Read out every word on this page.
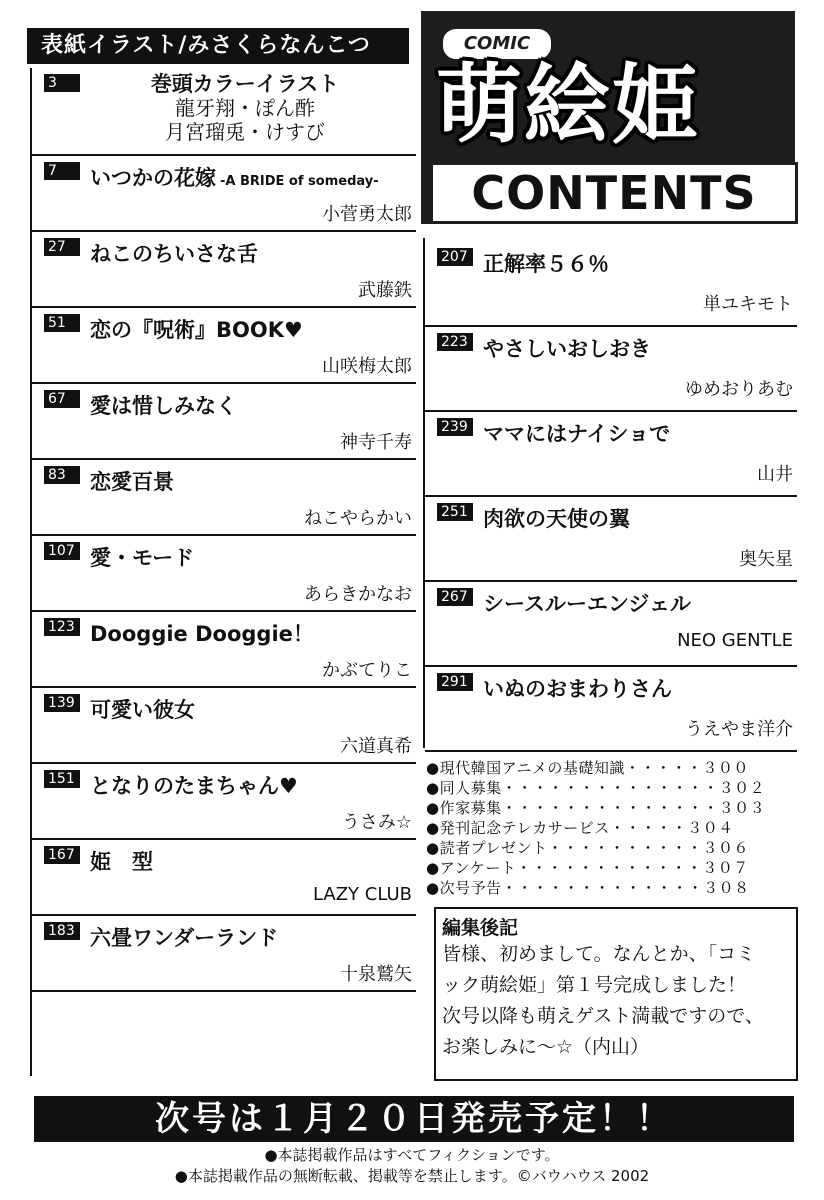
表紙イラスト/みさくらなんこつ	COMIC
萌絵姫
CONTENTS
3	巻頭カラーイラスト
龍牙翔・ぽん酢
月宮瑠兎・けすび
7	いつかの花嫁 -A BRIDE of someday-
小菅勇太郎
27	ねこのちいさな舌
武藤鉄
51	恋の『呪術』BOOK♥
山咲梅太郎
67	愛は惜しみなく
神寺千寿
83	恋愛百景
ねこやらかい
107 愛・モード
あらきかなお
123 Dooggie Dooggie！
かぶてりこ
139 可愛い彼女
六道真希
151 となりのたまちゃん♥
うさみ☆
167 姫　型
LAZY CLUB
183 六畳ワンダーランド
十泉鷲矢
207 正解率５６％
単ユキモト
223 やさしいおしおき
ゆめおりあむ
239 ママにはナイショで
山井
251 肉欲の天使の翼
奥矢星
267 シースルーエンジェル
NEO GENTLE
291 いぬのおまわりさん
うえやま洋介
●現代韓国アニメの基礎知識・・・・・３００
●同人募集・・・・・・・・・・・・・・３０２
●作家募集・・・・・・・・・・・・・・３０３
●発刊記念テレカサービス・・・・・３０４
●読者プレゼント・・・・・・・・・・３０６
●アンケート・・・・・・・・・・・・３０７
●次号予告・・・・・・・・・・・・・３０８
編集後記
皆様、初めまして。なんとか、「コミ
ック萌絵姫」第１号完成しました！
次号以降も萌えゲスト満載ですので、
お楽しみに～☆（内山）
次号は１月２０日発売予定！！
●本誌掲載作品はすべてフィクションです。
●本誌掲載作品の無断転載、掲載等を禁止します。©バウハウス 2002
